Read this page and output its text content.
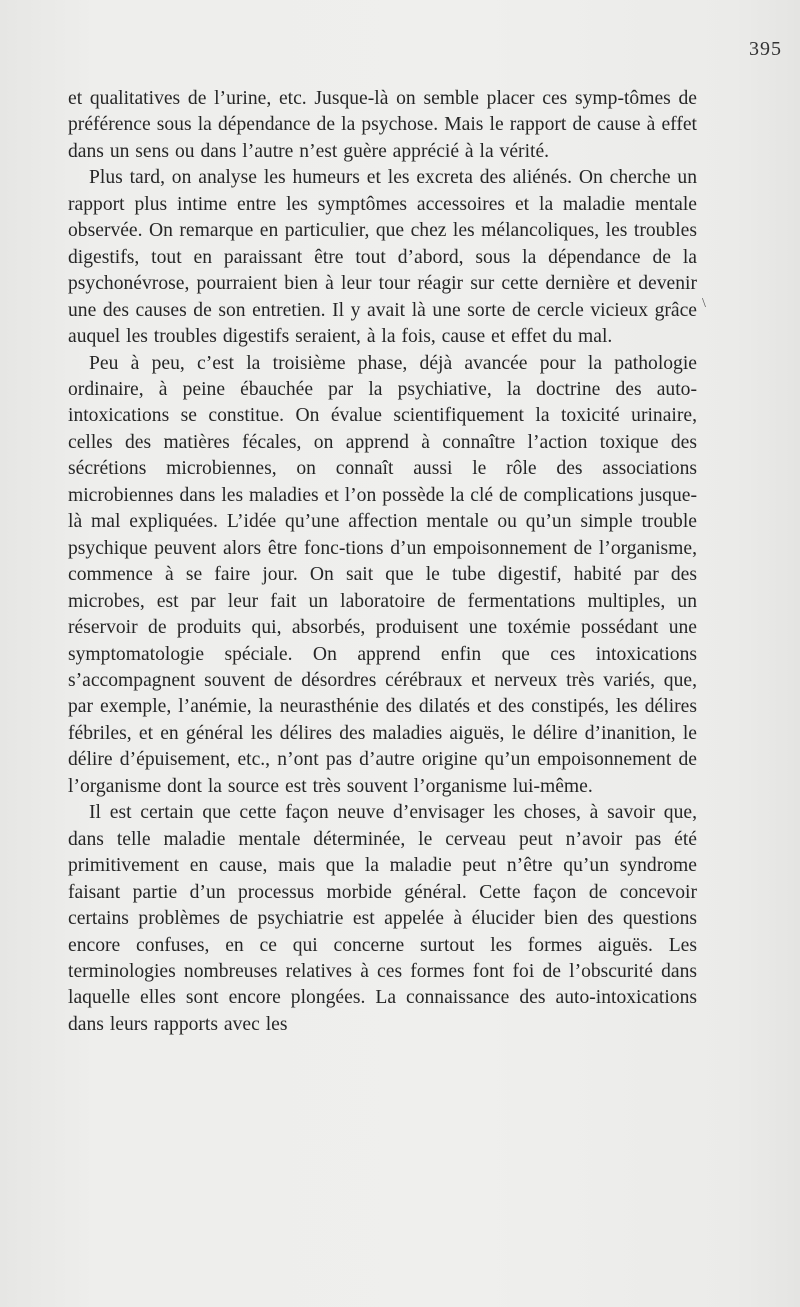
395

et qualitatives de l’urine, etc. Jusque-là on semble placer ces symp-tômes de préférence sous la dépendance de la psychose. Mais le rapport de cause à effet dans un sens ou dans l’autre n’est guère apprécié à la vérité.

Plus tard, on analyse les humeurs et les excreta des aliénés. On cherche un rapport plus intime entre les symptômes accessoires et la maladie mentale observée. On remarque en particulier, que chez les mélancoliques, les troubles digestifs, tout en paraissant être tout d’abord, sous la dépendance de la psychonévrose, pourraient bien à leur tour réagir sur cette dernière et devenir une des causes de son entretien. Il y avait là une sorte de cercle vicieux grâce auquel les troubles digestifs seraient, à la fois, cause et effet du mal.

Peu à peu, c’est la troisième phase, déjà avancée pour la pathologie ordinaire, à peine ébauchée par la psychiative, la doctrine des auto-intoxications se constitue. On évalue scientifiquement la toxicité urinaire, celles des matières fécales, on apprend à connaître l’action toxique des sécrétions microbiennes, on connaît aussi le rôle des associations microbiennes dans les maladies et l’on possède la clé de complications jusque-là mal expliquées. L’idée qu’une affection mentale ou qu’un simple trouble psychique peuvent alors être fonc-tions d’un empoisonnement de l’organisme, commence à se faire jour. On sait que le tube digestif, habité par des microbes, est par leur fait un laboratoire de fermentations multiples, un réservoir de produits qui, absorbés, produisent une toxémie possédant une symptomatologie spéciale. On apprend enfin que ces intoxications s’accompagnent souvent de désordres cérébraux et nerveux très variés, que, par exemple, l’anémie, la neurasthénie des dilatés et des constipés, les délires fébriles, et en général les délires des maladies aiguës, le délire d’inanition, le délire d’épuisement, etc., n’ont pas d’autre origine qu’un empoisonnement de l’organisme dont la source est très souvent l’organisme lui-même.

Il est certain que cette façon neuve d’envisager les choses, à savoir que, dans telle maladie mentale déterminée, le cerveau peut n’avoir pas été primitivement en cause, mais que la maladie peut n’être qu’un syndrome faisant partie d’un processus morbide général. Cette façon de concevoir certains problèmes de psychiatrie est appelée à élucider bien des questions encore confuses, en ce qui concerne surtout les formes aiguës. Les terminologies nombreuses relatives à ces formes font foi de l’obscurité dans laquelle elles sont encore plongées. La connaissance des auto-intoxications dans leurs rapports avec les

\
